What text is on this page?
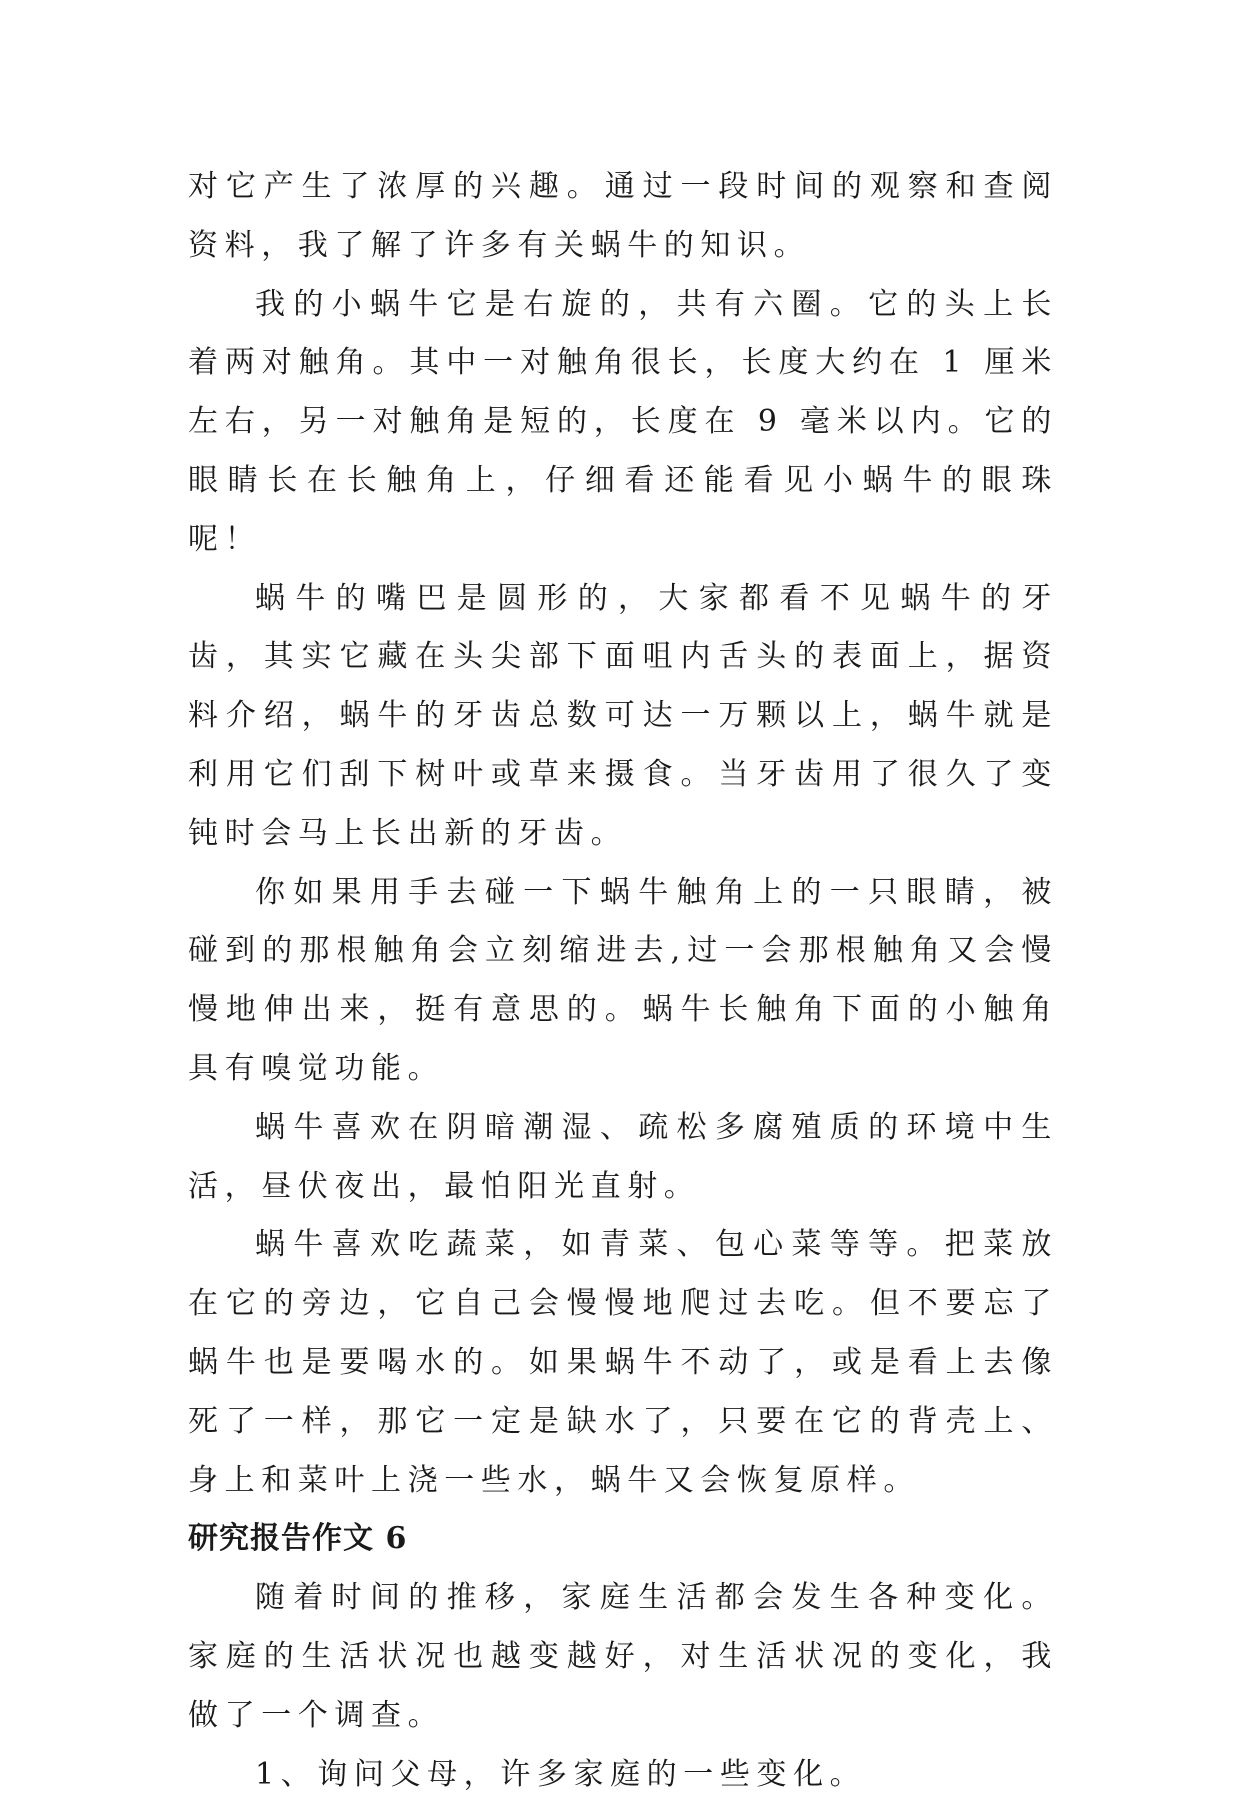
对它产生了浓厚的兴趣。通过一段时间的观察和查阅资料，我了解了许多有关蜗牛的知识。

我的小蜗牛它是右旋的，共有六圈。它的头上长着两对触角。其中一对触角很长，长度大约在 1 厘米左右，另一对触角是短的，长度在 9 毫米以内。它的眼睛长在长触角上，仔细看还能看见小蜗牛的眼珠呢！

蜗牛的嘴巴是圆形的，大家都看不见蜗牛的牙齿，其实它藏在头尖部下面咀内舌头的表面上，据资料介绍，蜗牛的牙齿总数可达一万颗以上，蜗牛就是利用它们刮下树叶或草来摄食。当牙齿用了很久了变钝时会马上长出新的牙齿。

你如果用手去碰一下蜗牛触角上的一只眼睛，被碰到的那根触角会立刻缩进去,过一会那根触角又会慢慢地伸出来，挺有意思的。蜗牛长触角下面的小触角具有嗅觉功能。

蜗牛喜欢在阴暗潮湿、疏松多腐殖质的环境中生活，昼伏夜出，最怕阳光直射。

蜗牛喜欢吃蔬菜，如青菜、包心菜等等。把菜放在它的旁边，它自己会慢慢地爬过去吃。但不要忘了蜗牛也是要喝水的。如果蜗牛不动了，或是看上去像死了一样，那它一定是缺水了，只要在它的背壳上、身上和菜叶上浇一些水，蜗牛又会恢复原样。

研究报告作文 6

随着时间的推移，家庭生活都会发生各种变化。家庭的生活状况也越变越好，对生活状况的变化，我做了一个调查。

1、询问父母，许多家庭的一些变化。
